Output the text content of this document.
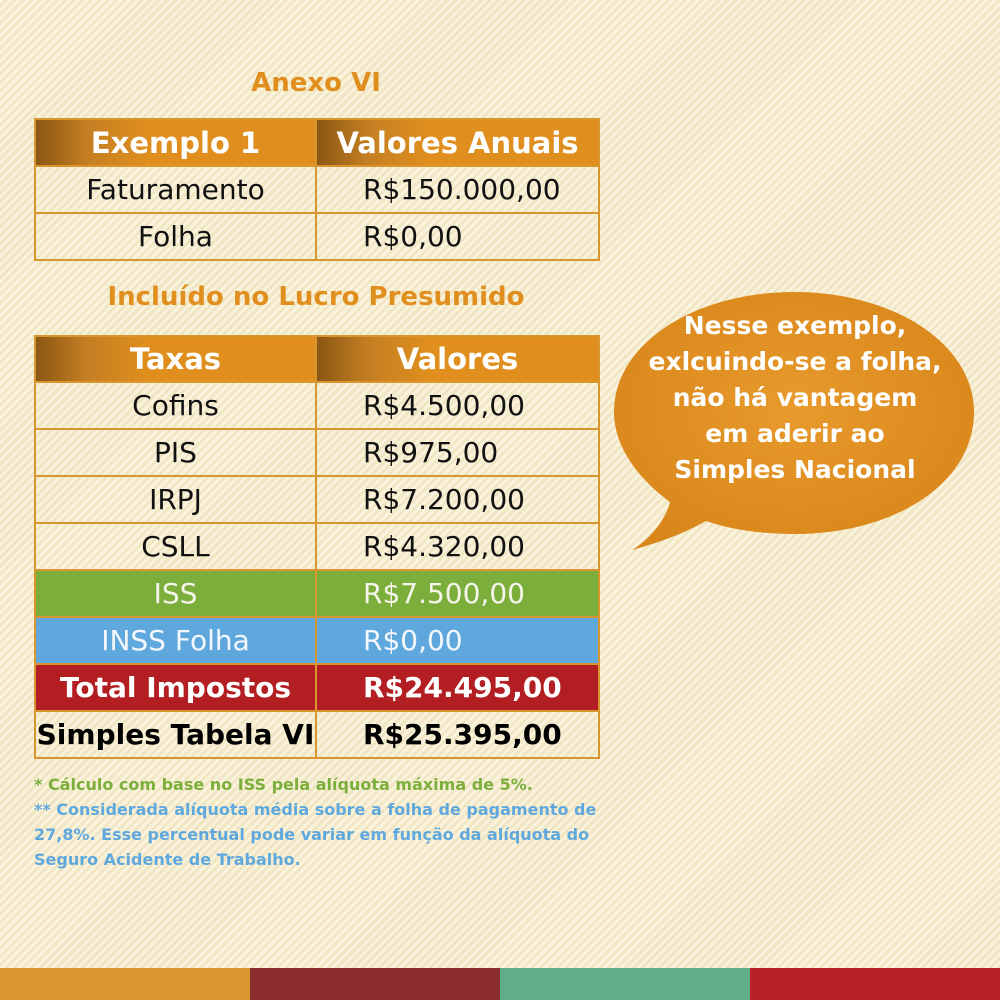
Anexo VI
Exemplo 1	Valores Anuais
Faturamento	R$150.000,00
Folha	R$0,00
Incluído no Lucro Presumido
Taxas	Valores
Cofins	R$4.500,00
PIS	R$975,00
IRPJ	R$7.200,00
CSLL	R$4.320,00
ISS	R$7.500,00
INSS Folha	R$0,00
Total Impostos	R$24.495,00
Simples Tabela VI	R$25.395,00

* Cálculo com base no ISS pela alíquota máxima de 5%.

** Considerada alíquota média sobre a folha de pagamento de 27,8%. Esse percentual pode variar em função da alíquota do Seguro Acidente de Trabalho.

Nesse exemplo,
exlcuindo-se a folha,
não há vantagem
em aderir ao
Simples Nacional
